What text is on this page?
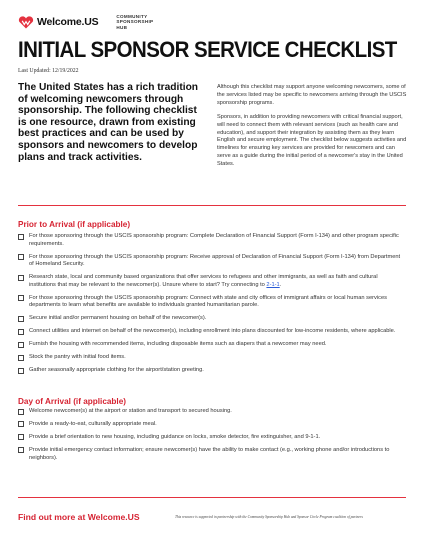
Welcome.US	COMMUNITY
SPONSORSHIP
HUB
INITIAL SPONSOR SERVICE CHECKLIST
Last Updated: 12/19/2022
The United States has a rich tradition of welcoming newcomers through sponsorship. The following checklist is one resource, drawn from existing best practices and can be used by sponsors and newcomers to develop plans and track activities.

Although this checklist may support anyone welcoming newcomers, some of the services listed may be specific to newcomers arriving through the USCIS sponsorship programs.

Sponsors, in addition to providing newcomers with critical financial support, will need to connect them with relevant services (such as health care and education), and support their integration by assisting them as they learn English and secure employment. The checklist below suggests activities and timelines for ensuring key services are provided for newcomers and can serve as a guide during the initial period of a newcomer's stay in the United States.

Prior to Arrival (if applicable)
For those sponsoring through the USCIS sponsorship program: Complete Declaration of Financial Support (Form I-134) and other program specific requirements.
For those sponsoring through the USCIS sponsorship program: Receive approval of Declaration of Financial Support (Form I-134) from Department of Homeland Security.
Research state, local and community based organizations that offer services to refugees and other immigrants, as well as faith and cultural institutions that may be relevant to the newcomer(s). Unsure where to start? Try connecting to 2-1-1.
For those sponsoring through the USCIS sponsorship program: Connect with state and city offices of immigrant affairs or local human services departments to learn what benefits are available to individuals granted humanitarian parole.
Secure initial and/or permanent housing on behalf of the newcomer(s).
Connect utilities and internet on behalf of the newcomer(s), including enrollment into plans discounted for low-income residents, where applicable.
Furnish the housing with recommended items, including disposable items such as diapers that a newcomer may need.
Stock the pantry with initial food items.
Gather seasonally appropriate clothing for the airport/station greeting.
Day of Arrival (if applicable)
Welcome newcomer(s) at the airport or station and transport to secured housing.
Provide a ready-to-eat, culturally appropriate meal.
Provide a brief orientation to new housing, including guidance on locks, smoke detector, fire extinguisher, and 9-1-1.
Provide initial emergency contact information; ensure newcomer(s) have the ability to make contact (e.g., working phone and/or introductions to neighbors).
Find out more at Welcome.US	This resource is supported in partnership with the Community Sponsorship Hub and Sponsor Circle Program coalition of partners
